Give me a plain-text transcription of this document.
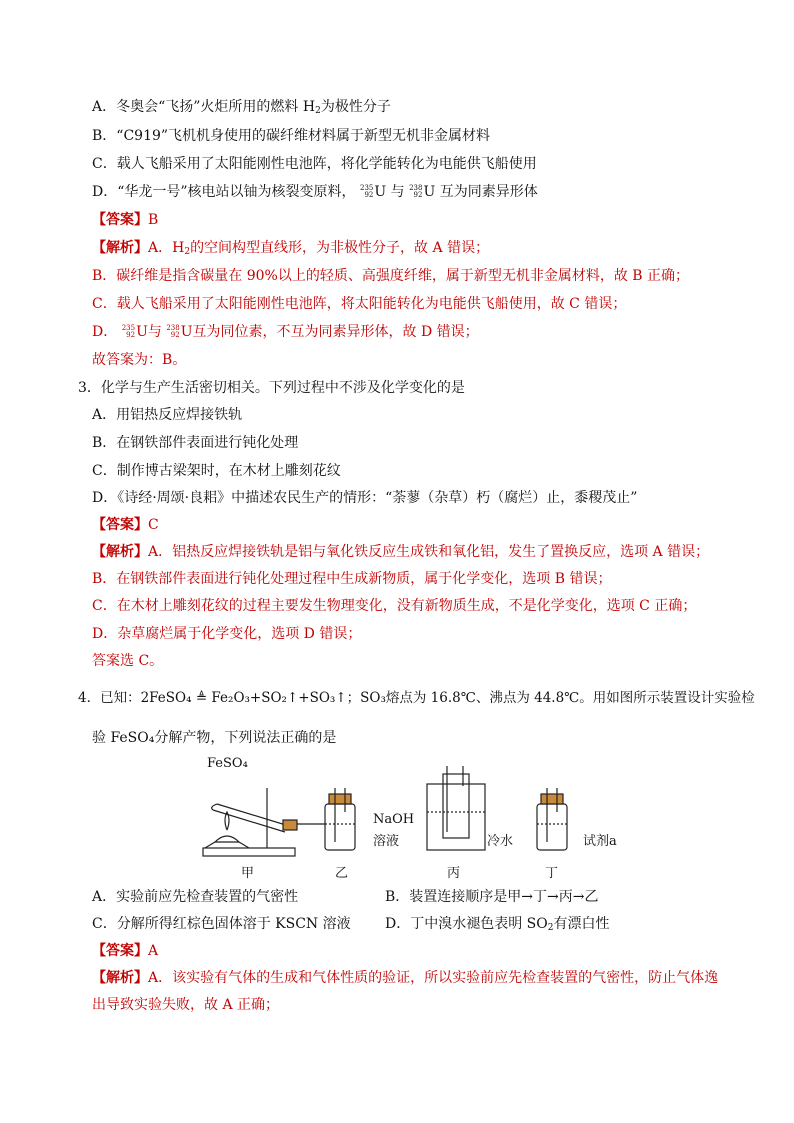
A．冬奥会“飞扬”火炬所用的燃料 $H_2$为极性分子
B．“C919”飞机机身使用的碳纤维材料属于新型无机非金属材料
C．载人飞船采用了太阳能刚性电池阵，将化学能转化为电能供飞船使用
D．“华龙一号”核电站以铀为核裂变原料， 235
92 U 与 238
92 U 互为同素异形体
【答案】B
【解析】A．$H_2$的空间构型直线形，为非极性分子，故 A 错误；
B．碳纤维是指含碳量在 90%以上的轻质、高强度纤维，属于新型无机非金属材料，故 B 正确；
C．载人飞船采用了太阳能刚性电池阵，将太阳能转化为电能供飞船使用，故 C 错误；
D． 235
92 U与 238
92 U互为同位素，不互为同素异形体，故 D 错误；
故答案为：B。
3．化学与生产生活密切相关。下列过程中不涉及化学变化的是
A．用铝热反应焊接铁轨
B．在钢铁部件表面进行钝化处理
C．制作博古梁架时，在木材上雕刻花纹
D．《诗经·周颂·良耜》中描述农民生产的情形：“荼蓼（杂草）朽（腐烂）止，黍稷茂止”
【答案】C
【解析】A．铝热反应焊接铁轨是铝与氧化铁反应生成铁和氧化铝，发生了置换反应，选项 A 错误；
B．在钢铁部件表面进行钝化处理过程中生成新物质，属于化学变化，选项 B 错误；
C．在木材上雕刻花纹的过程主要发生物理变化，没有新物质生成，不是化学变化，选项 C 正确；
D．杂草腐烂属于化学变化，选项 D 错误；
答案选 C。
4．已知：2FeSO₄ ≜ Fe₂O₃+SO₂↑+SO₃↑；SO₃熔点为 16.8℃、沸点为 44.8℃。用如图所示装置设计实验检
验 FeSO₄分解产物，下列说法正确的是
FeSO₄
NaOH
溶液	冷水	试剂a
甲	乙	丙	丁
A．实验前应先检查装置的气密性	B．装置连接顺序是甲→丁→丙→乙
C．分解所得红棕色固体溶于 KSCN 溶液 D．丁中溴水褪色表明 $SO_2$有漂白性
【答案】A
【解析】A．该实验有气体的生成和气体性质的验证，所以实验前应先检查装置的气密性，防止气体逸
出导致实验失败，故 A 正确；
